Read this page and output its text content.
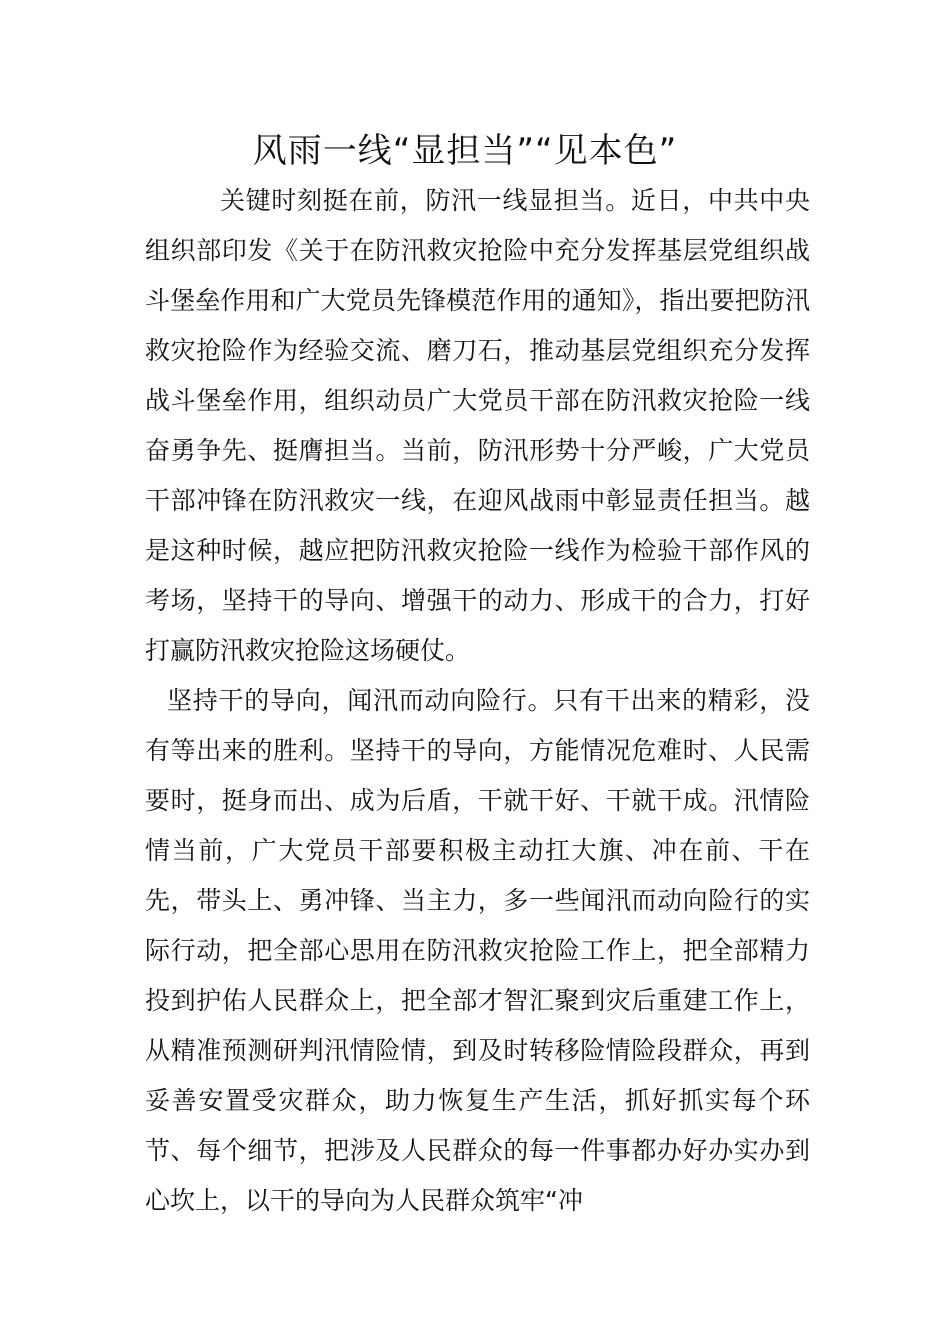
风雨一线“显担当”“见本色”

关键时刻挺在前，防汛一线显担当。近日，中共中央组织部印发《关于在防汛救灾抢险中充分发挥基层党组织战斗堡垒作用和广大党员先锋模范作用的通知》，指出要把防汛救灾抢险作为经验交流、磨刀石，推动基层党组织充分发挥战斗堡垒作用，组织动员广大党员干部在防汛救灾抢险一线奋勇争先、挺膺担当。当前，防汛形势十分严峻，广大党员干部冲锋在防汛救灾一线，在迎风战雨中彰显责任担当。越是这种时候，越应把防汛救灾抢险一线作为检验干部作风的考场，坚持干的导向、增强干的动力、形成干的合力，打好打赢防汛救灾抢险这场硬仗。

坚持干的导向，闻汛而动向险行。只有干出来的精彩，没有等出来的胜利。坚持干的导向，方能情况危难时、人民需要时，挺身而出、成为后盾，干就干好、干就干成。汛情险情当前，广大党员干部要积极主动扛大旗、冲在前、干在先，带头上、勇冲锋、当主力，多一些闻汛而动向险行的实际行动，把全部心思用在防汛救灾抢险工作上，把全部精力投到护佑人民群众上，把全部才智汇聚到灾后重建工作上，从精准预测研判汛情险情，到及时转移险情险段群众，再到妥善安置受灾群众，助力恢复生产生活，抓好抓实每个环节、每个细节，把涉及人民群众的每一件事都办好办实办到心坎上，以干的导向为人民群众筑牢“冲
